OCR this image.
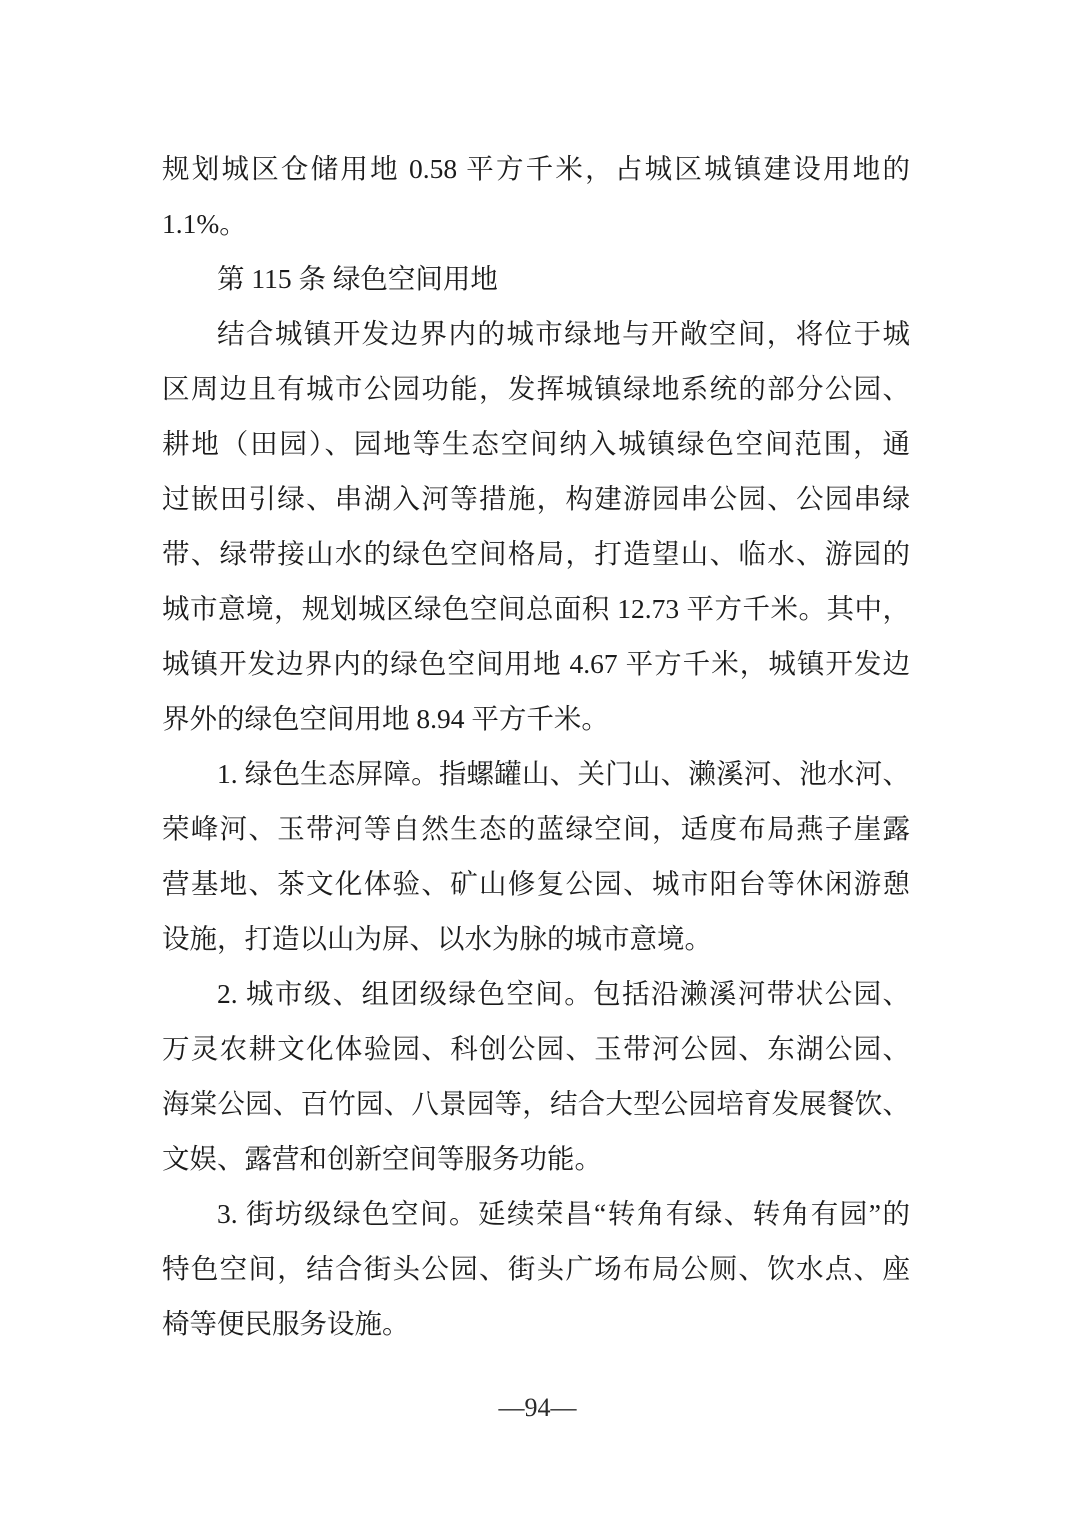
规划城区仓储用地 0.58 平方千米，占城区城镇建设用地的
1.1%。
第 115 条 绿色空间用地
结合城镇开发边界内的城市绿地与开敞空间，将位于城
区周边且有城市公园功能，发挥城镇绿地系统的部分公园、
耕地（田园）、园地等生态空间纳入城镇绿色空间范围，通
过嵌田引绿、串湖入河等措施，构建游园串公园、公园串绿
带、绿带接山水的绿色空间格局，打造望山、临水、游园的
城市意境，规划城区绿色空间总面积 12.73 平方千米。其中，
城镇开发边界内的绿色空间用地 4.67 平方千米，城镇开发边
界外的绿色空间用地 8.94 平方千米。
1. 绿色生态屏障。指螺罐山、关门山、濑溪河、池水河、
荣峰河、玉带河等自然生态的蓝绿空间，适度布局燕子崖露
营基地、茶文化体验、矿山修复公园、城市阳台等休闲游憩
设施，打造以山为屏、以水为脉的城市意境。
2. 城市级、组团级绿色空间。包括沿濑溪河带状公园、
万灵农耕文化体验园、科创公园、玉带河公园、东湖公园、
海棠公园、百竹园、八景园等，结合大型公园培育发展餐饮、
文娱、露营和创新空间等服务功能。
3. 街坊级绿色空间。延续荣昌“转角有绿、转角有园”的
特色空间，结合街头公园、街头广场布局公厕、饮水点、座
椅等便民服务设施。
—94—
